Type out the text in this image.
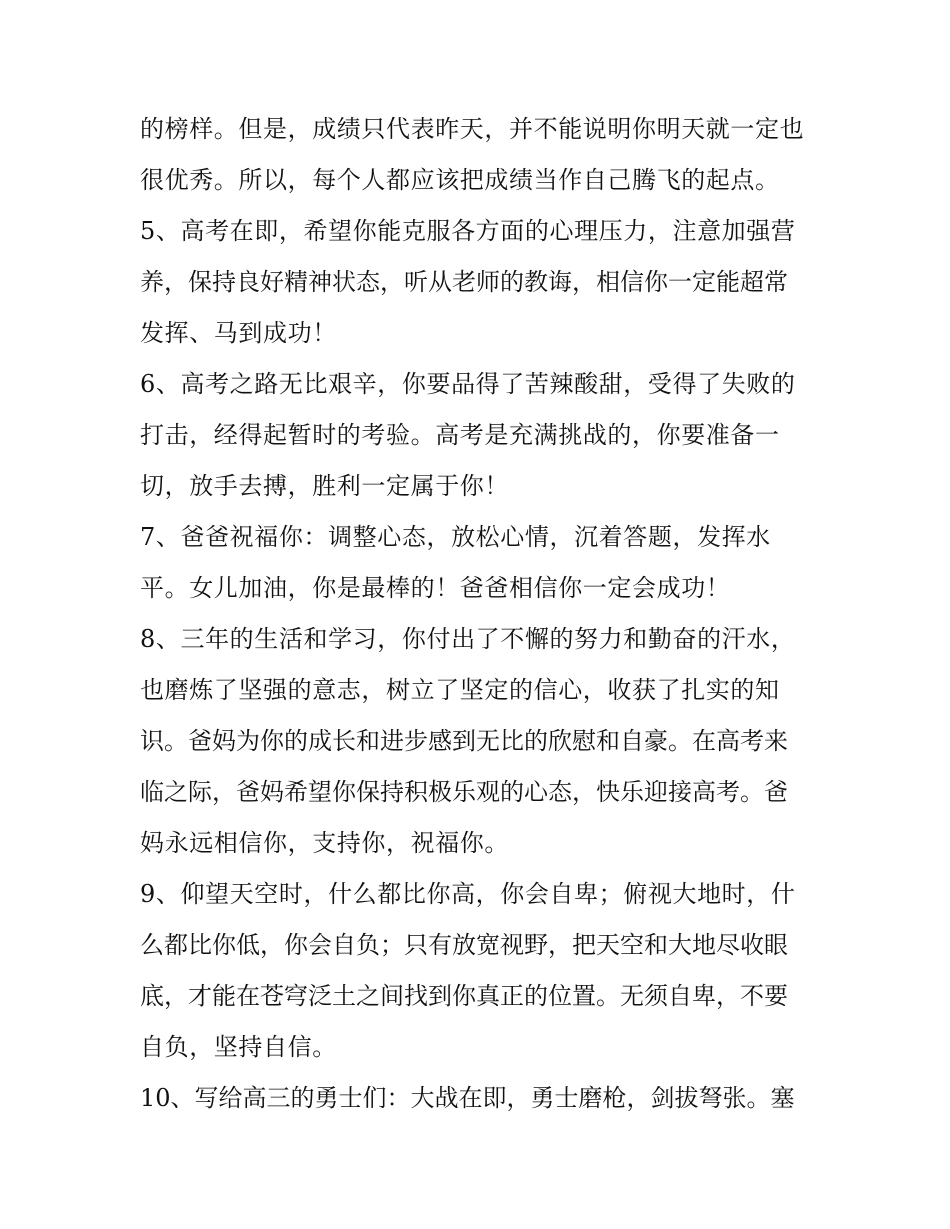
的榜样。但是，成绩只代表昨天，并不能说明你明天就一定也
很优秀。所以，每个人都应该把成绩当作自己腾飞的起点。
5、高考在即，希望你能克服各方面的心理压力，注意加强营
养，保持良好精神状态，听从老师的教诲，相信你一定能超常
发挥、马到成功！
6、高考之路无比艰辛，你要品得了苦辣酸甜，受得了失败的
打击，经得起暂时的考验。高考是充满挑战的，你要准备一
切，放手去搏，胜利一定属于你！
7、爸爸祝福你：调整心态，放松心情，沉着答题，发挥水
平。女儿加油，你是最棒的！爸爸相信你一定会成功！
8、三年的生活和学习，你付出了不懈的努力和勤奋的汗水，
也磨炼了坚强的意志，树立了坚定的信心，收获了扎实的知
识。爸妈为你的成长和进步感到无比的欣慰和自豪。在高考来
临之际，爸妈希望你保持积极乐观的心态，快乐迎接高考。爸
妈永远相信你，支持你，祝福你。
9、仰望天空时，什么都比你高，你会自卑；俯视大地时，什
么都比你低，你会自负；只有放宽视野，把天空和大地尽收眼
底，才能在苍穹泛土之间找到你真正的位置。无须自卑，不要
自负，坚持自信。
10、写给高三的勇士们：大战在即，勇士磨枪，剑拔弩张。塞
